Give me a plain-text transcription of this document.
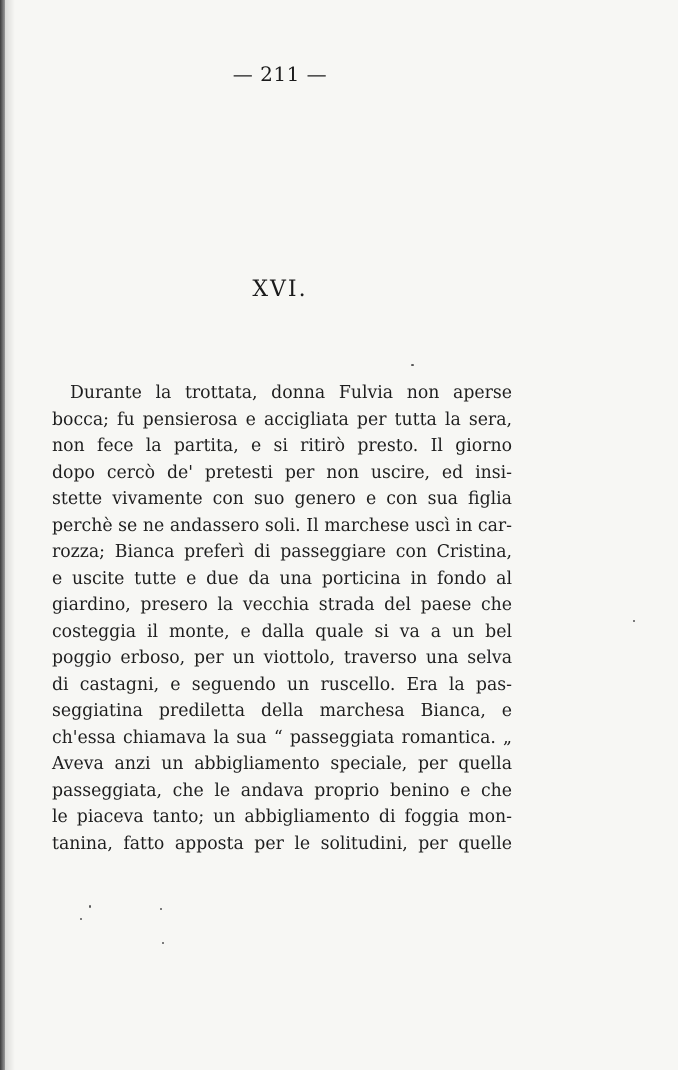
— 211 —
XVI.
Durante la trottata, donna Fulvia non aperse
bocca; fu pensierosa e accigliata per tutta la sera,
non fece la partita, e si ritirò presto. Il giorno
dopo cercò de' pretesti per non uscire, ed insi-
stette vivamente con suo genero e con sua figlia
perchè se ne andassero soli. Il marchese uscì in car-
rozza; Bianca preferì di passeggiare con Cristina,
e uscite tutte e due da una porticina in fondo al
giardino, presero la vecchia strada del paese che
costeggia il monte, e dalla quale si va a un bel
poggio erboso, per un viottolo, traverso una selva
di castagni, e seguendo un ruscello. Era la pas-
seggiatina prediletta della marchesa Bianca, e
ch'essa chiamava la sua “ passeggiata romantica. „
Aveva anzi un abbigliamento speciale, per quella
passeggiata, che le andava proprio benino e che
le piaceva tanto; un abbigliamento di foggia mon-
tanina, fatto apposta per le solitudini, per quelle
